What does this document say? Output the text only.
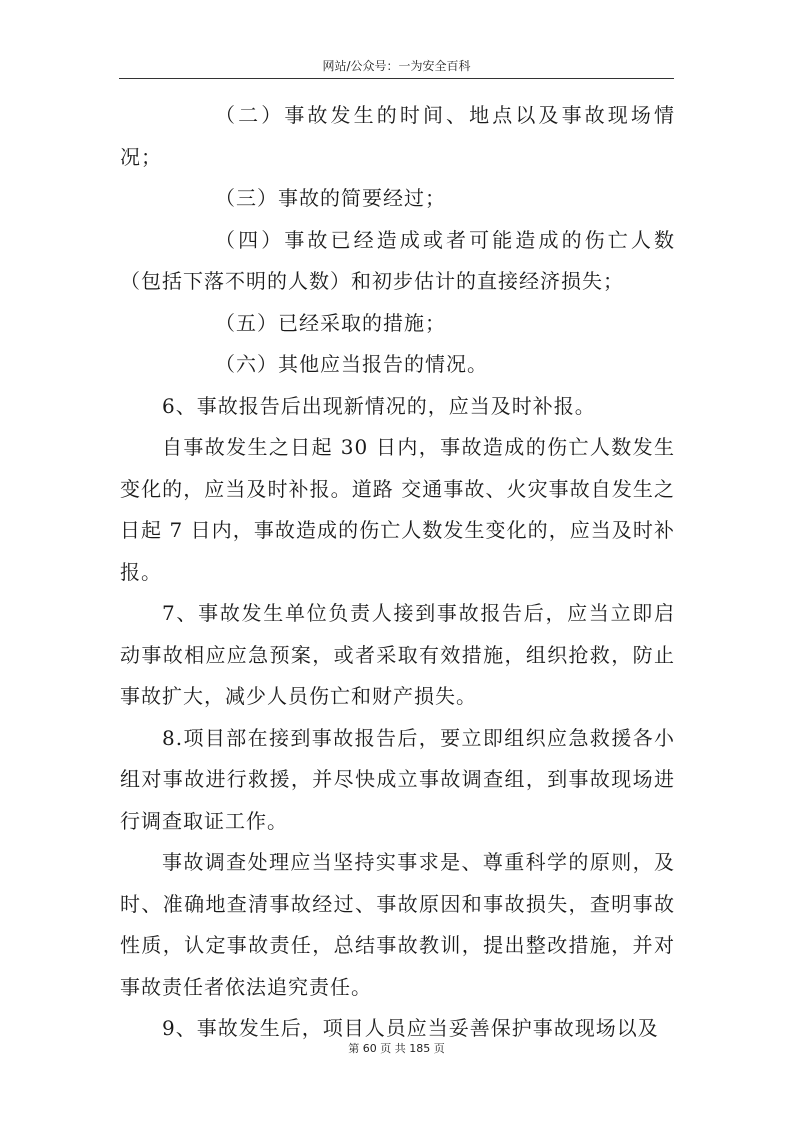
网站/公众号：一为安全百科

（二）事故发生的时间、地点以及事故现场情况；

（三）事故的简要经过；

（四）事故已经造成或者可能造成的伤亡人数（包括下落不明的人数）和初步估计的直接经济损失；

（五）已经采取的措施；

（六）其他应当报告的情况。

6、事故报告后出现新情况的，应当及时补报。

自事故发生之日起 30 日内，事故造成的伤亡人数发生变化的，应当及时补报。道路 交通事故、火灾事故自发生之日起 7 日内，事故造成的伤亡人数发生变化的，应当及时补报。

7、事故发生单位负责人接到事故报告后，应当立即启动事故相应应急预案，或者采取有效措施，组织抢救，防止事故扩大，减少人员伤亡和财产损失。

8.项目部在接到事故报告后，要立即组织应急救援各小组对事故进行救援，并尽快成立事故调查组，到事故现场进行调查取证工作。

事故调查处理应当坚持实事求是、尊重科学的原则，及时、准确地查清事故经过、事故原因和事故损失，查明事故性质，认定事故责任，总结事故教训，提出整改措施，并对事故责任者依法追究责任。

9、事故发生后，项目人员应当妥善保护事故现场以及

第 60 页 共 185 页
